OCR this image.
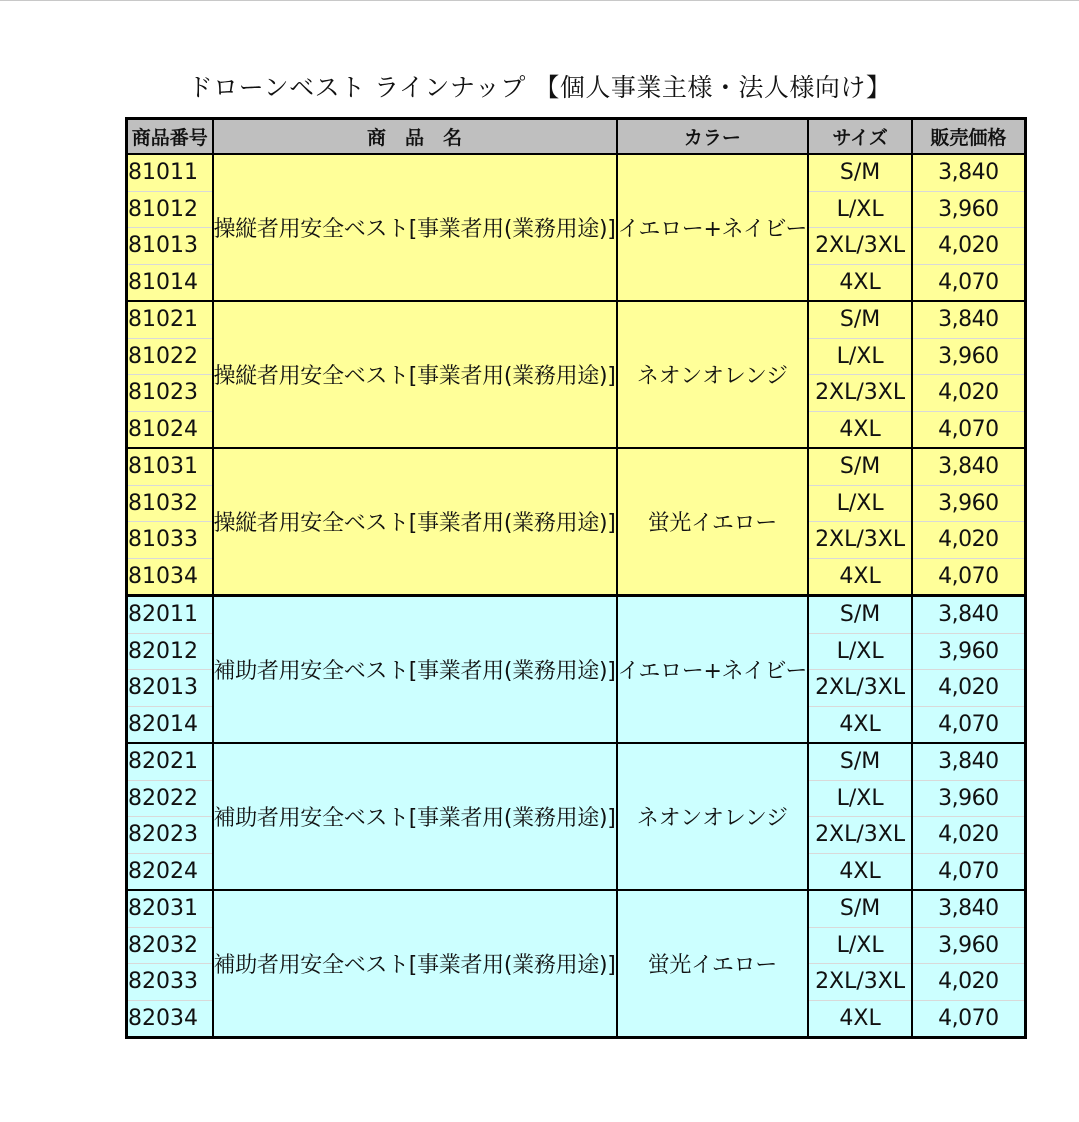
ドローンベスト ラインナップ 【個人事業主様・法人様向け】
商品番号	商　品　名	カラー	サイズ	販売価格
81011	操縦者用安全ベスト[事業者用(業務用途)]	イエロー+ネイビー	S/M	3,840
81012			L/XL	3,960
81013			2XL/3XL	4,020
81014			4XL	4,070
81021	操縦者用安全ベスト[事業者用(業務用途)]	ネオンオレンジ	S/M	3,840
81022			L/XL	3,960
81023			2XL/3XL	4,020
81024			4XL	4,070
81031	操縦者用安全ベスト[事業者用(業務用途)]	蛍光イエロー	S/M	3,840
81032			L/XL	3,960
81033			2XL/3XL	4,020
81034			4XL	4,070
82011	補助者用安全ベスト[事業者用(業務用途)]	イエロー+ネイビー	S/M	3,840
82012			L/XL	3,960
82013			2XL/3XL	4,020
82014			4XL	4,070
82021	補助者用安全ベスト[事業者用(業務用途)]	ネオンオレンジ	S/M	3,840
82022			L/XL	3,960
82023			2XL/3XL	4,020
82024			4XL	4,070
82031	補助者用安全ベスト[事業者用(業務用途)]	蛍光イエロー	S/M	3,840
82032			L/XL	3,960
82033			2XL/3XL	4,020
82034			4XL	4,070
